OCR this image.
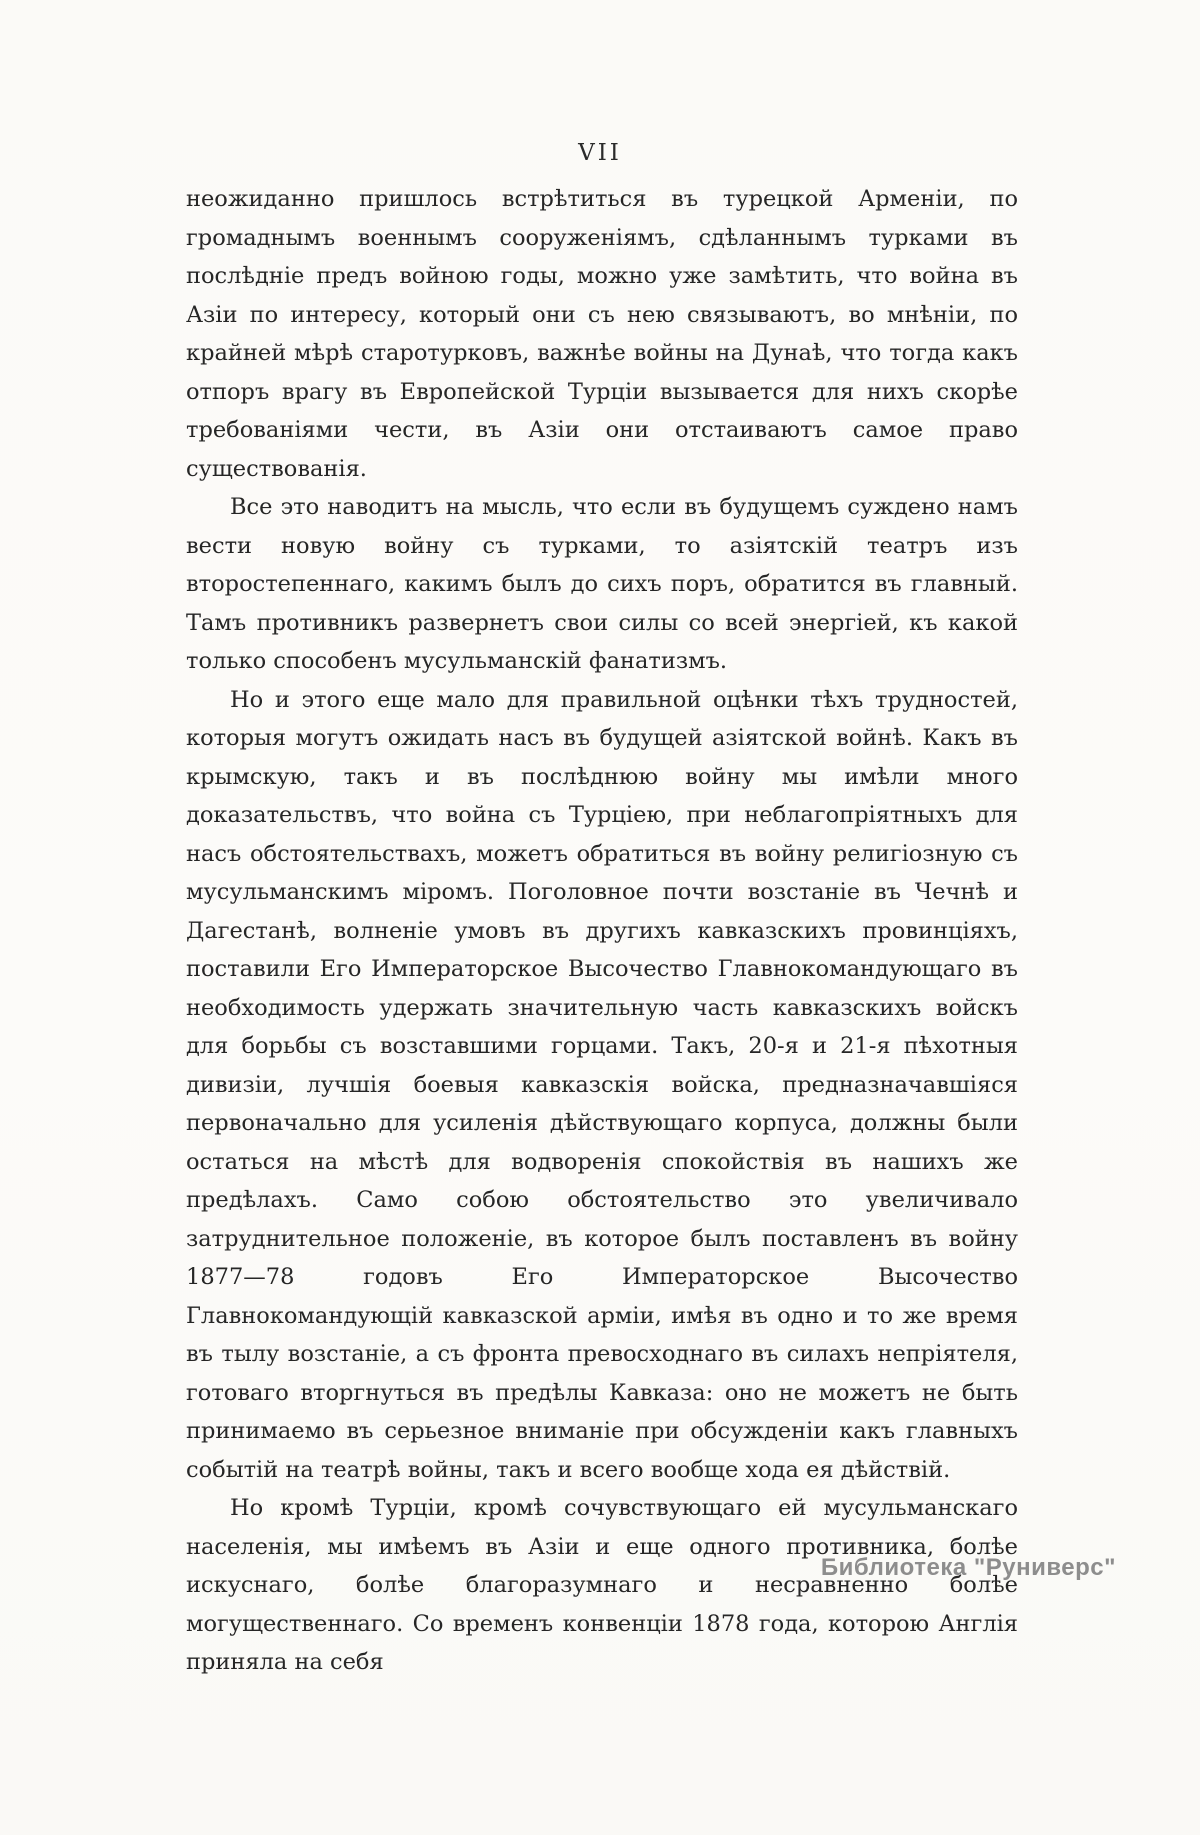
VII

неожиданно пришлось встрѣтиться въ турецкой Арменіи, по громаднымъ военнымъ сооруженіямъ, сдѣланнымъ турками въ послѣдніе предъ войною годы, можно уже замѣтить, что война въ Азіи по интересу, который они съ нею связываютъ, во мнѣніи, по крайней мѣрѣ старотурковъ, важнѣе войны на Дунаѣ, что тогда какъ отпоръ врагу въ Европейской Турціи вызывается для нихъ скорѣе требованіями чести, въ Азіи они отстаиваютъ самое право существованія.

Все это наводитъ на мысль, что если въ будущемъ суждено намъ вести новую войну съ турками, то азіятскій театръ изъ второстепеннаго, какимъ былъ до сихъ поръ, обратится въ главный. Тамъ противникъ развернетъ свои силы со всей энергіей, къ какой только способенъ мусульманскій фанатизмъ.

Но и этого еще мало для правильной оцѣнки тѣхъ трудностей, которыя могутъ ожидать насъ въ будущей азіятской войнѣ. Какъ въ крымскую, такъ и въ послѣднюю войну мы имѣли много доказательствъ, что война съ Турціею, при неблагопріятныхъ для насъ обстоятельствахъ, можетъ обратиться въ войну религіозную съ мусульманскимъ міромъ. Поголовное почти возстаніе въ Чечнѣ и Дагестанѣ, волненіе умовъ въ другихъ кавказскихъ провинціяхъ, поставили Его Императорское Высочество Главнокомандующаго въ необходимость удержать значительную часть кавказскихъ войскъ для борьбы съ возставшими горцами. Такъ, 20-я и 21-я пѣхотныя дивизіи, лучшія боевыя кавказскія войска, предназначавшіяся первоначально для усиленія дѣйствующаго корпуса, должны были остаться на мѣстѣ для водворенія спокойствія въ нашихъ же предѣлахъ. Само собою обстоятельство это увеличивало затруднительное положеніе, въ которое былъ поставленъ въ войну 1877—78 годовъ Его Императорское Высочество Главнокомандующій кавказской арміи, имѣя въ одно и то же время въ тылу возстаніе, а съ фронта превосходнаго въ силахъ непріятеля, готоваго вторгнуться въ предѣлы Кавказа: оно не можетъ не быть принимаемо въ серьезное вниманіе при обсужденіи какъ главныхъ событій на театрѣ войны, такъ и всего вообще хода ея дѣйствій.

Но кромѣ Турціи, кромѣ сочувствующаго ей мусульманскаго населенія, мы имѣемъ въ Азіи и еще одного противника, болѣе искуснаго, болѣе благоразумнаго и несравненно болѣе могущественнаго. Со временъ конвенціи 1878 года, которою Англія приняла на себя

Библиотека "Руниверс"
